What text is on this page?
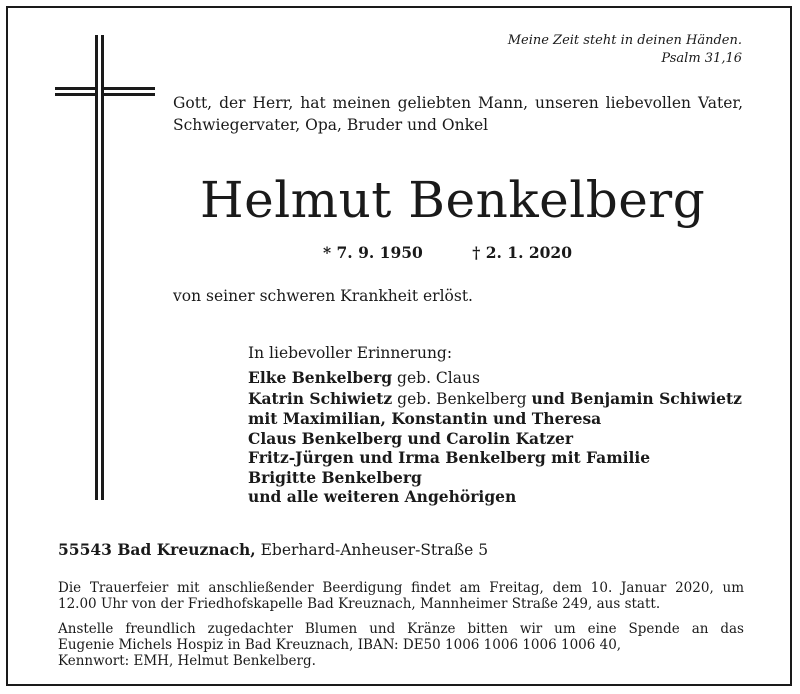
Meine Zeit steht in deinen Händen.
Psalm 31,16
Gott, der Herr, hat meinen geliebten Mann, unseren liebevollen Vater,
Schwiegervater, Opa, Bruder und Onkel
Helmut Benkelberg
* 7. 9. 1950	† 2. 1. 2020
von seiner schweren Krankheit erlöst.
In liebevoller Erinnerung:
Elke Benkelberg geb. Claus
Katrin Schiwietz geb. Benkelberg und Benjamin Schiwietz
mit Maximilian, Konstantin und Theresa
Claus Benkelberg und Carolin Katzer
Fritz-Jürgen und Irma Benkelberg mit Familie
Brigitte Benkelberg
und alle weiteren Angehörigen
55543 Bad Kreuznach, Eberhard-Anheuser-Straße 5
Die Trauerfeier mit anschließender Beerdigung findet am Freitag, dem 10. Januar 2020, um
12.00 Uhr von der Friedhofskapelle Bad Kreuznach, Mannheimer Straße 249, aus statt.
Anstelle freundlich zugedachter Blumen und Kränze bitten wir um eine Spende an das
Eugenie Michels Hospiz in Bad Kreuznach, IBAN: DE50 1006 1006 1006 1006 40,
Kennwort: EMH, Helmut Benkelberg.
